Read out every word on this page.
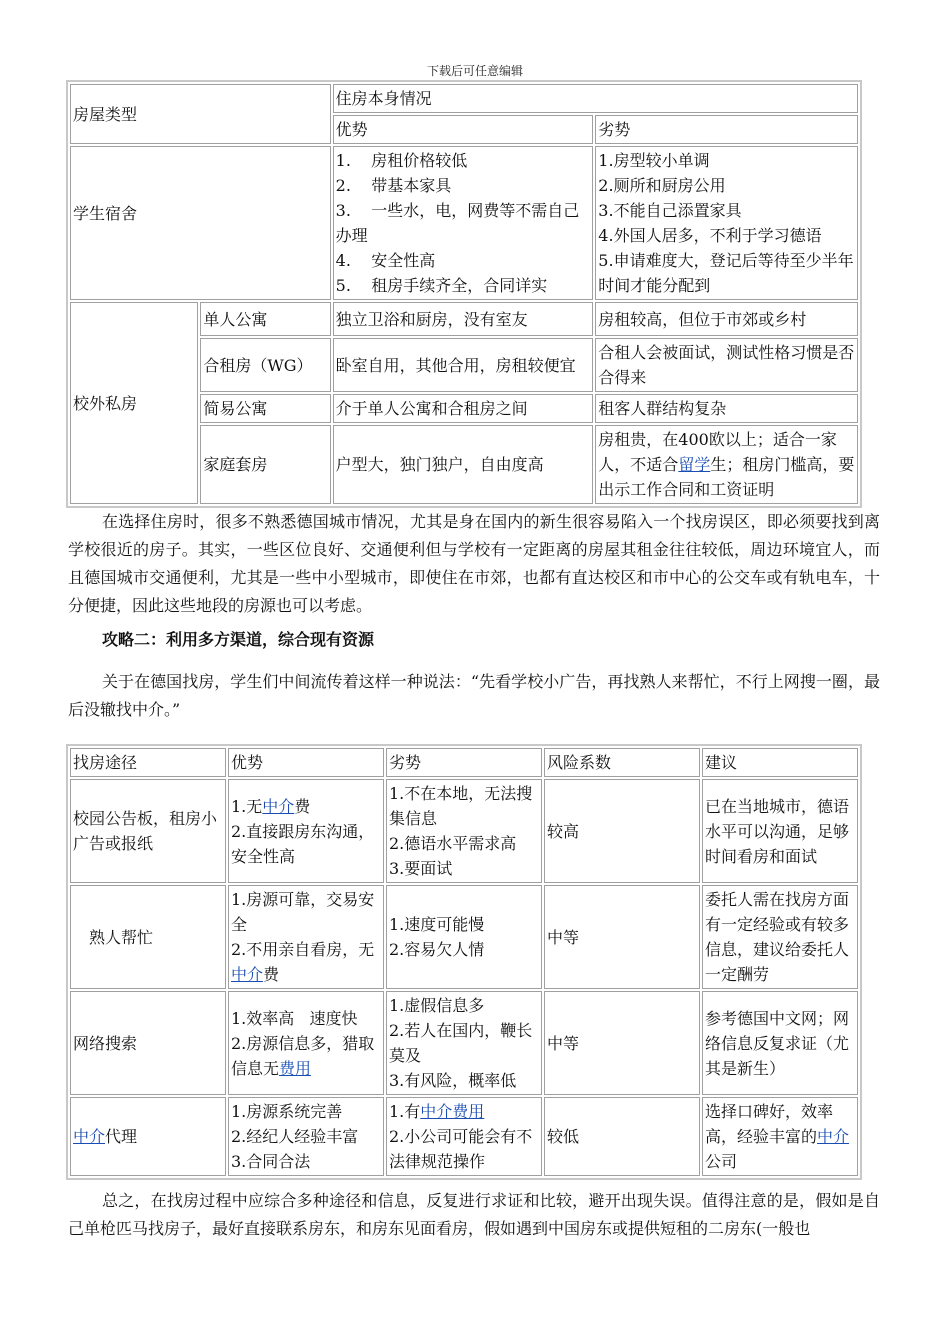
下载后可任意编辑
房屋类型		住房本身情况	
		优势	劣势
学生宿舍		1.    房租价格较低
2.    带基本家具
3.    一些水，电，网费等不需自己办理
4.    安全性高
5.    租房手续齐全，合同详实	1.房型较小单调
2.厕所和厨房公用
3.不能自己添置家具
4.外国人居多，不利于学习德语
5.申请难度大，登记后等待至少半年时间才能分配到

校外私房	单人公寓	独立卫浴和厨房，没有室友	房租较高，但位于市郊或乡村
	合租房（WG）	卧室自用，其他合用，房租较便宜	合租人会被面试，测试性格习惯是否合得来
	简易公寓	介于单人公寓和合租房之间	租客人群结构复杂
	家庭套房	户型大，独门独户，自由度高	房租贵，在400欧以上；适合一家人，不适合留学生；租房门槛高，要出示工作合同和工资证明

在选择住房时，很多不熟悉德国城市情况，尤其是身在国内的新生很容易陷入一个找房误区，即必须要找到离学校很近的房子。其实，一些区位良好、交通便利但与学校有一定距离的房屋其租金往往较低，周边环境宜人，而且德国城市交通便利，尤其是一些中小型城市，即使住在市郊，也都有直达校区和市中心的公交车或有轨电车，十分便捷，因此这些地段的房源也可以考虑。

攻略二：利用多方渠道，综合现有资源

关于在德国找房，学生们中间流传着这样一种说法：“先看学校小广告，再找熟人来帮忙，不行上网搜一圈，最后没辙找中介。”

找房途径	优势	劣势	风险系数	建议
校园公告板，租房小广告或报纸	1.无中介费
2.直接跟房东沟通，安全性高	1.不在本地，无法搜集信息
2.德语水平需求高
3.要面试	较高	已在当地城市，德语水平可以沟通，足够时间看房和面试
熟人帮忙	1.房源可靠，交易安全
2.不用亲自看房，无中介费	1.速度可能慢
2.容易欠人情	中等	委托人需在找房方面有一定经验或有较多信息，建议给委托人一定酬劳
网络搜索	1.效率高   速度快
2.房源信息多，猎取信息无费用	1.虚假信息多
2.若人在国内，鞭长莫及
3.有风险，概率低	中等	参考德国中文网；网络信息反复求证（尤其是新生）
中介代理	1.房源系统完善
2.经纪人经验丰富
3.合同合法	1.有中介费用
2.小公司可能会有不法律规范操作	较低	选择口碑好，效率高，经验丰富的中介公司

总之，在找房过程中应综合多种途径和信息，反复进行求证和比较，避开出现失误。值得注意的是，假如是自己单枪匹马找房子，最好直接联系房东，和房东见面看房，假如遇到中国房东或提供短租的二房东(一般也
